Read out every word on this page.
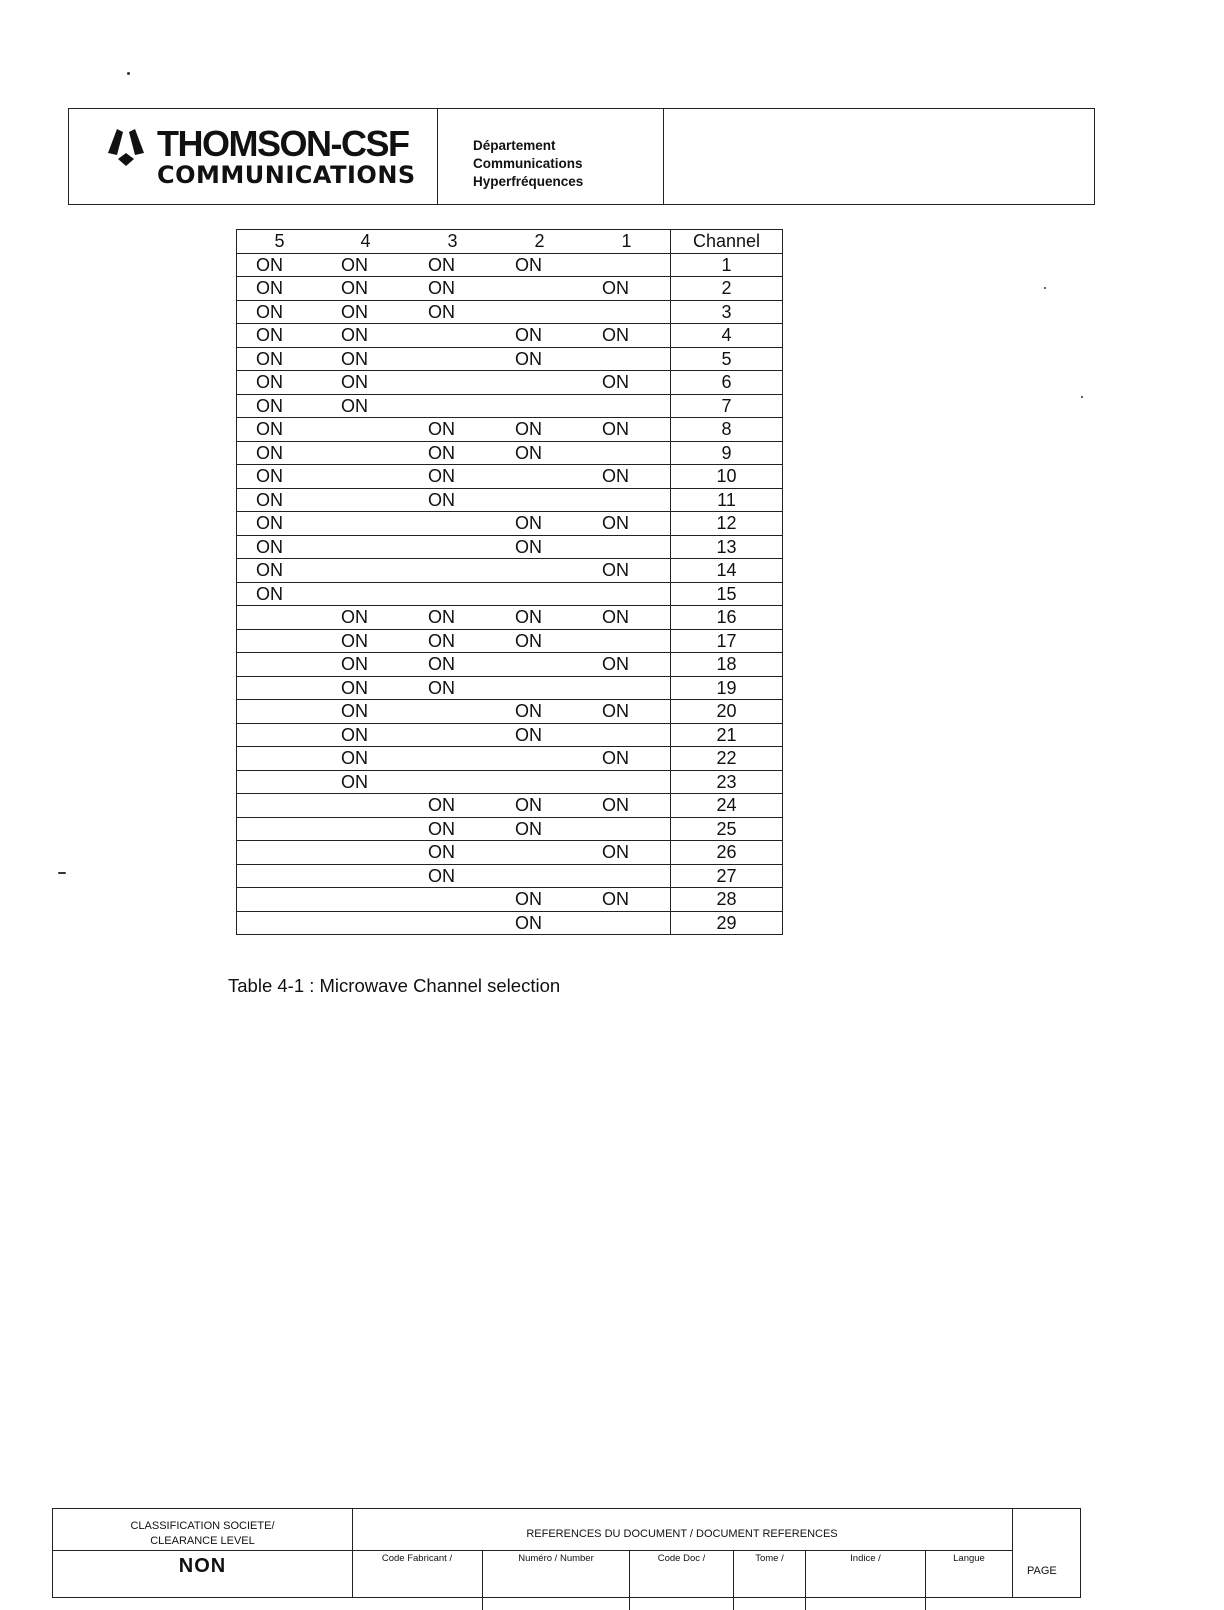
THOMSON-CSF
COMMUNICATIONS
Département
Communications
Hyperfréquences
5	4	3	2	1	Channel
ON	ON	ON	ON		1
ON	ON	ON		ON	2
ON	ON	ON			3
ON	ON		ON	ON	4
ON	ON		ON		5
ON	ON			ON	6
ON	ON				7
ON		ON	ON	ON	8
ON		ON	ON		9
ON		ON		ON	10
ON		ON			11
ON			ON	ON	12
ON			ON		13
ON				ON	14
ON					15
	ON	ON	ON	ON	16
	ON	ON	ON		17
	ON	ON		ON	18
	ON	ON			19
	ON		ON	ON	20
	ON		ON		21
	ON			ON	22
	ON				23
		ON	ON	ON	24
		ON	ON		25
		ON		ON	26
		ON			27
			ON	ON	28
			ON		29
Table 4-1 : Microwave Channel selection
CLASSIFICATION SOCIETE/
CLEARANCE LEVEL
NON
REFERENCES DU DOCUMENT / DOCUMENT REFERENCES
Code Fabricant /	Numéro / Number	Code Doc /	Tome /	Indice /	Langue
PAGE
